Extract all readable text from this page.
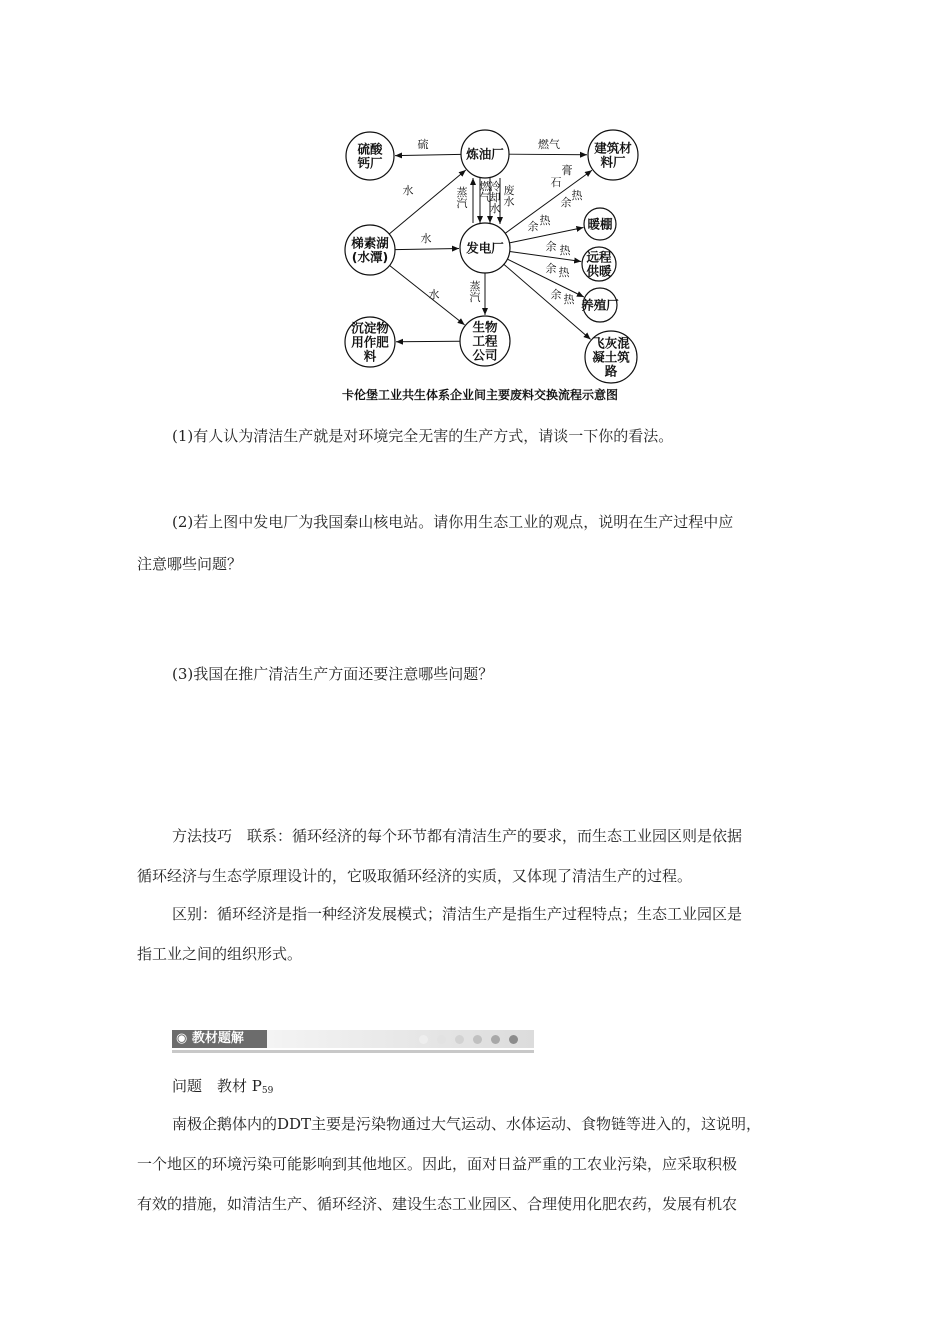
硫酸
钙厂
炼油厂	建筑材
料厂
梯素湖
(水潭)
发电厂
暖棚
远程
供暖
养殖厂
沉淀物
用作肥
料
生物
工程
公司
飞灰混
凝土筑
路
硫	燃气
水
水
水
蒸
汽
燃
气
冷
却
水
废
水
蒸
汽
石
膏
余
热
余 热
余 热
余 热
余 热
卡伦堡工业共生体系企业间主要废料交换流程示意图
(1)有人认为清洁生产就是对环境完全无害的生产方式，请谈一下你的看法。
(2)若上图中发电厂为我国秦山核电站。请你用生态工业的观点，说明在生产过程中应
注意哪些问题？
(3)我国在推广清洁生产方面还要注意哪些问题？
方法技巧　联系：循环经济的每个环节都有清洁生产的要求，而生态工业园区则是依据
循环经济与生态学原理设计的，它吸取循环经济的实质，又体现了清洁生产的过程。
区别：循环经济是指一种经济发展模式；清洁生产是指生产过程特点；生态工业园区是
指工业之间的组织形式。
◉ 教材题解
问题　教材 $P_{59}$
南极企鹅体内的DDT主要是污染物通过大气运动、水体运动、食物链等进入的，这说明，
一个地区的环境污染可能影响到其他地区。因此，面对日益严重的工农业污染，应采取积极
有效的措施，如清洁生产、循环经济、建设生态工业园区、合理使用化肥农药，发展有机农
